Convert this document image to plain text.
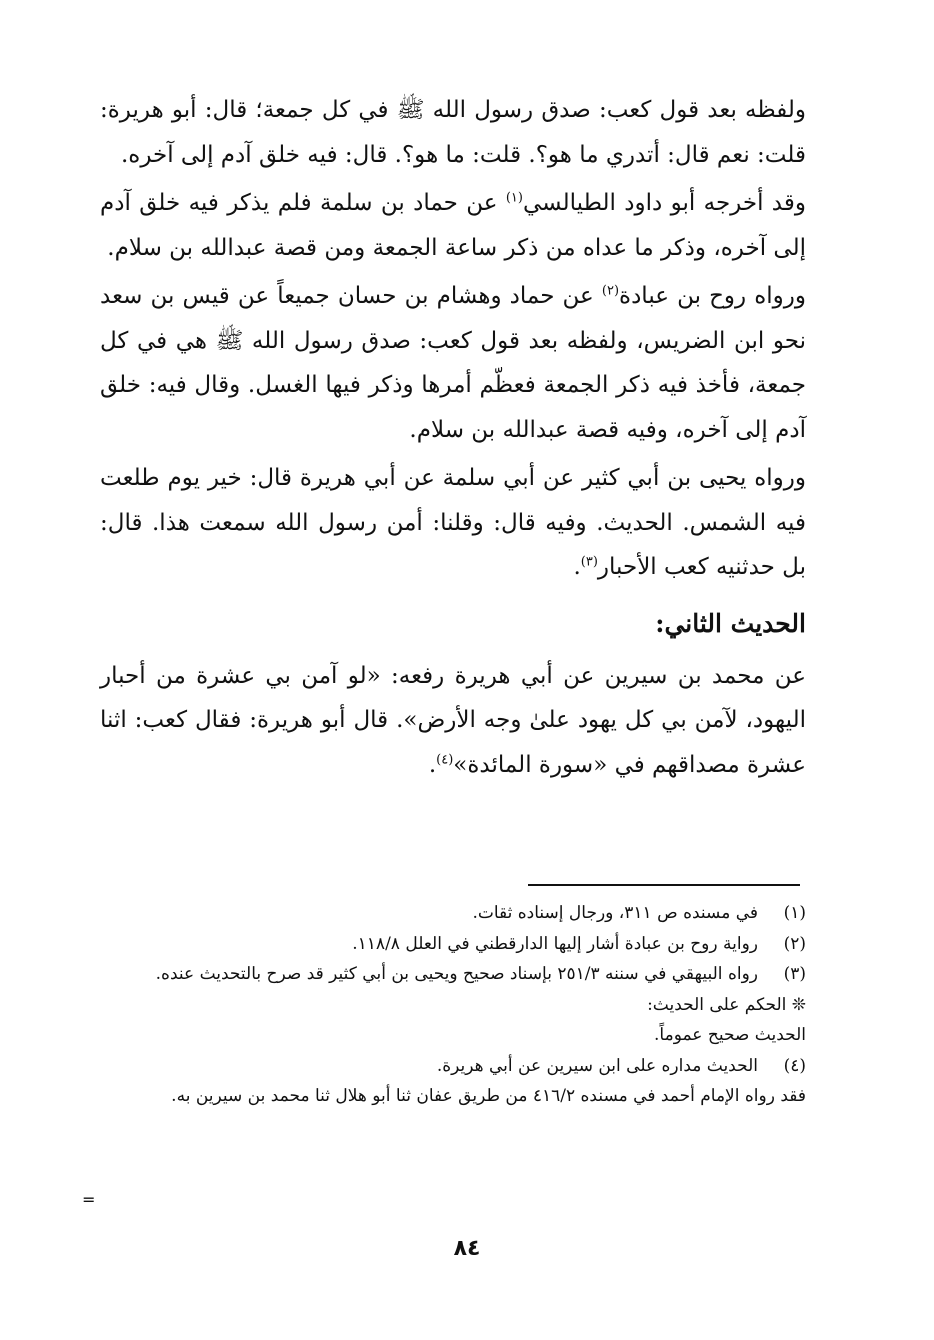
ولفظه بعد قول كعب: صدق رسول الله ﷺ في كل جمعة؛ قال: أبو هريرة: قلت: نعم قال: أتدري ما هو؟. قلت: ما هو؟. قال: فيه خلق آدم إلى آخره.

وقد أخرجه أبو داود الطيالسي$^{(١)}$ عن حماد بن سلمة فلم يذكر فيه خلق آدم إلى آخره، وذكر ما عداه من ذكر ساعة الجمعة ومن قصة عبدالله بن سلام.

ورواه روح بن عبادة$^{(٢)}$ عن حماد وهشام بن حسان جميعاً عن قيس بن سعد نحو ابن الضريس، ولفظه بعد قول كعب: صدق رسول الله ﷺ هي في كل جمعة، فأخذ فيه ذكر الجمعة فعظّم أمرها وذكر فيها الغسل. وقال فيه: خلق آدم إلى آخره، وفيه قصة عبدالله بن سلام.

ورواه يحيى بن أبي كثير عن أبي سلمة عن أبي هريرة قال: خير يوم طلعت فيه الشمس. الحديث. وفيه قال: وقلنا: أمن رسول الله سمعت هذا. قال: بل حدثنيه كعب الأحبار$^{(٣)}$.

الحديث الثاني:

عن محمد بن سيرين عن أبي هريرة رفعه: «لو آمن بي عشرة من أحبار اليهود، لآمن بي كل يهود علىٰ وجه الأرض». قال أبو هريرة: فقال كعب: اثنا عشرة مصداقهم في «سورة المائدة»$^{(٤)}$.

(١)
في مسنده ص ٣١١، ورجال إسناده ثقات.
(٢)
رواية روح بن عبادة أشار إليها الدارقطني في العلل ١١٨/٨.
(٣)
رواه البيهقي في سننه ٢٥١/٣ بإسناد صحيح ويحيى بن أبي كثير قد صرح بالتحديث عنده.
❊ الحكم على الحديث:
الحديث صحيح عموماً.
(٤)
الحديث مداره على ابن سيرين عن أبي هريرة.
فقد رواه الإمام أحمد في مسنده ٤١٦/٢ من طريق عفان ثنا أبو هلال ثنا محمد بن سيرين به.
=
٨٤
